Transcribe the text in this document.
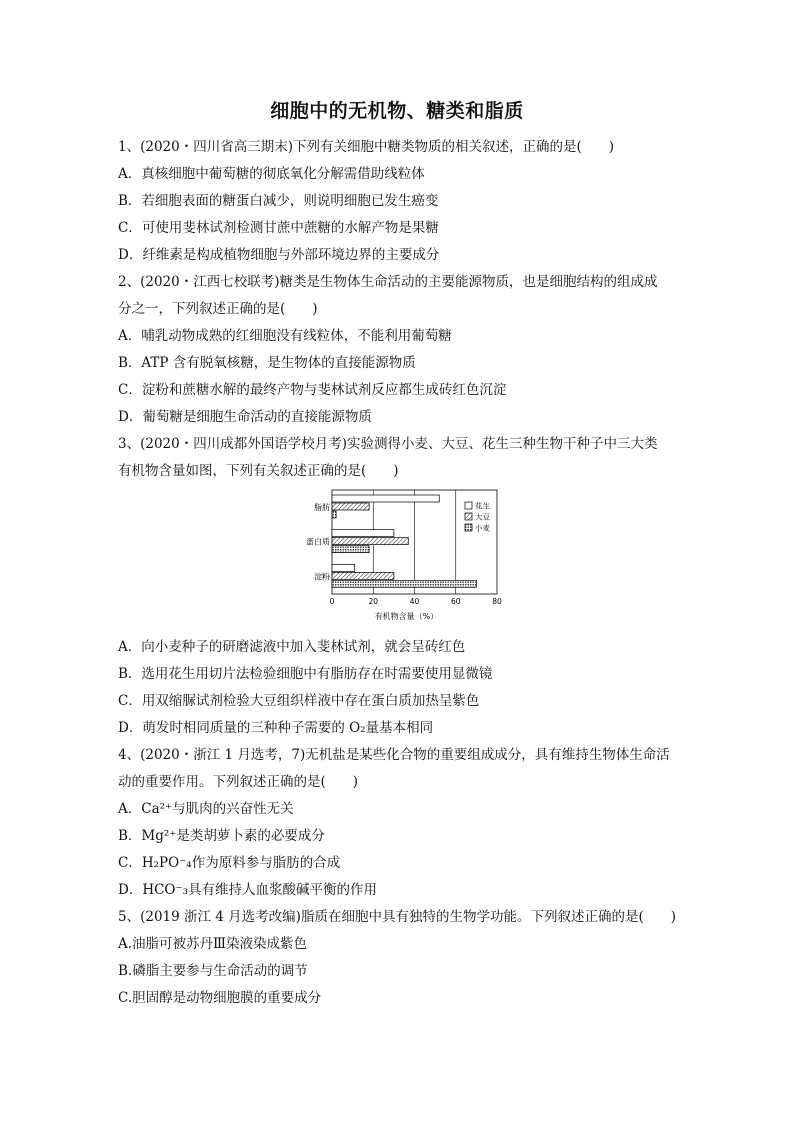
细胞中的无机物、糖类和脂质
1、(2020・四川省高三期末)下列有关细胞中糖类物质的相关叙述，正确的是(　　)
A．真核细胞中葡萄糖的彻底氧化分解需借助线粒体
B．若细胞表面的糖蛋白减少，则说明细胞已发生癌变
C．可使用斐林试剂检测甘蔗中蔗糖的水解产物是果糖
D．纤维素是构成植物细胞与外部环境边界的主要成分
2、(2020・江西七校联考)糖类是生物体生命活动的主要能源物质，也是细胞结构的组成成
分之一，下列叙述正确的是(　　)
A．哺乳动物成熟的红细胞没有线粒体，不能利用葡萄糖
B．ATP 含有脱氧核糖，是生物体的直接能源物质
C．淀粉和蔗糖水解的最终产物与斐林试剂反应都生成砖红色沉淀
D．葡萄糖是细胞生命活动的直接能源物质
3、(2020・四川成都外国语学校月考)实验测得小麦、大豆、花生三种生物干种子中三大类
有机物含量如图，下列有关叙述正确的是(　　)
0	20	40	60	80
脂肪
蛋白质
淀粉
有机物含量（%）
花生
大豆
小麦
A．向小麦种子的研磨滤液中加入斐林试剂，就会呈砖红色
B．选用花生用切片法检验细胞中有脂肪存在时需要使用显微镜
C．用双缩脲试剂检验大豆组织样液中存在蛋白质加热呈紫色
D．萌发时相同质量的三种种子需要的 O₂量基本相同
4、(2020・浙江 1 月选考，7)无机盐是某些化合物的重要组成成分，具有维持生物体生命活
动的重要作用。下列叙述正确的是(　　)
A．Ca²⁺与肌肉的兴奋性无关
B．Mg²⁺是类胡萝卜素的必要成分
C．H₂PO⁻₄作为原料参与脂肪的合成
D．HCO⁻₃具有维持人血浆酸碱平衡的作用
5、(2019 浙江 4 月选考改编)脂质在细胞中具有独特的生物学功能。下列叙述正确的是(　　)
A.油脂可被苏丹Ⅲ染液染成紫色
B.磷脂主要参与生命活动的调节
C.胆固醇是动物细胞膜的重要成分
